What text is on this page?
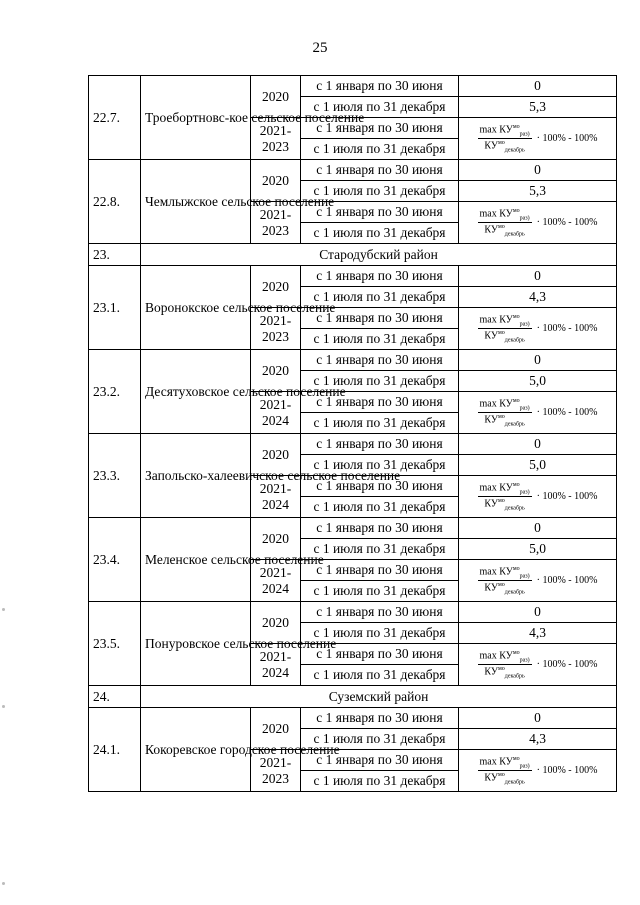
25
22.7.	Троебортновс-кое сельское поселение	2020	с 1 января по 30 июня	0
			с 1 июля по 31 декабря	5,3
		2021-
2023	с 1 января по 30 июня	$\frac{\max КУ^{мо}_{раз)}}{КУ^{мо}_{декабрь}} \cdot 100\% - 100\%$

			с 1 июля по 31 декабря	
22.8.	Чемлыжское сельское поселение	2020	с 1 января по 30 июня	0
			с 1 июля по 31 декабря	5,3
		2021-
2023	с 1 января по 30 июня	$\frac{\max КУ^{мо}_{раз)}}{КУ^{мо}_{декабрь}} \cdot 100\% - 100\%$

			с 1 июля по 31 декабря	
23.	Стародубский район			
23.1.	Воронокское сельское поселение	2020	с 1 января по 30 июня	0
			с 1 июля по 31 декабря	4,3
		2021-
2023	с 1 января по 30 июня	$\frac{\max КУ^{мо}_{раз)}}{КУ^{мо}_{декабрь}} \cdot 100\% - 100\%$

			с 1 июля по 31 декабря	
23.2.	Десятуховское сельское поселение	2020	с 1 января по 30 июня	0
			с 1 июля по 31 декабря	5,0
		2021-
2024	с 1 января по 30 июня	$\frac{\max КУ^{мо}_{раз)}}{КУ^{мо}_{декабрь}} \cdot 100\% - 100\%$

			с 1 июля по 31 декабря	
23.3.	Запольско-халеевичское сельское поселение	2020	с 1 января по 30 июня	0
			с 1 июля по 31 декабря	5,0
		2021-
2024	с 1 января по 30 июня	$\frac{\max КУ^{мо}_{раз)}}{КУ^{мо}_{декабрь}} \cdot 100\% - 100\%$

			с 1 июля по 31 декабря	
23.4.	Меленское сельское поселение	2020	с 1 января по 30 июня	0
			с 1 июля по 31 декабря	5,0
		2021-
2024	с 1 января по 30 июня	$\frac{\max КУ^{мо}_{раз)}}{КУ^{мо}_{декабрь}} \cdot 100\% - 100\%$

			с 1 июля по 31 декабря	
23.5.	Понуровское сельское поселение	2020	с 1 января по 30 июня	0
			с 1 июля по 31 декабря	4,3
		2021-
2024	с 1 января по 30 июня	$\frac{\max КУ^{мо}_{раз)}}{КУ^{мо}_{декабрь}} \cdot 100\% - 100\%$

			с 1 июля по 31 декабря	
24.	Суземский район			
24.1.	Кокоревское городское поселение	2020	с 1 января по 30 июня	0
			с 1 июля по 31 декабря	4,3
		2021-
2023	с 1 января по 30 июня	$\frac{\max КУ^{мо}_{раз)}}{КУ^{мо}_{декабрь}} \cdot 100\% - 100\%$

			с 1 июля по 31 декабря	
